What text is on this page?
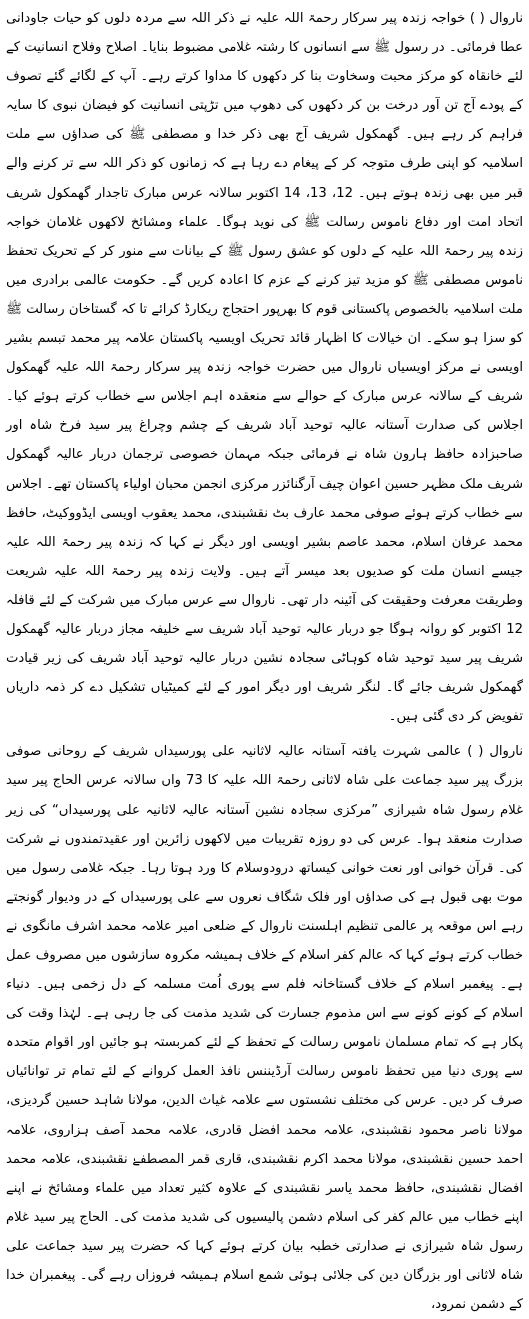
ناروال ( ) خواجہ زندہ پیر سرکار رحمۃ اللہ علیہ نے ذکر اللہ سے مردہ دلوں کو حیات جاودانی عطا فرمائی۔ در رسول ﷺ سے انسانوں کا رشتہ غلامی مضبوط بنایا۔ اصلاح وفلاح انسانیت کے لئے خانقاہ کو مرکز محبت وسخاوت بنا کر دکھوں کا مداوا کرتے رہے۔ آپ کے لگائے گئے تصوف کے پودے آج تن آور درخت بن کر دکھوں کی دھوپ میں تڑپتی انسانیت کو فیضان نبوی کا سایہ فراہم کر رہے ہیں۔ گھمکول شریف آج بھی ذکر خدا و مصطفی ﷺ کی صداؤں سے ملت اسلامیہ کو اپنی طرف متوجہ کر کے پیغام دے رہا ہے کہ زمانوں کو ذکر اللہ سے تر کرنے والے قبر میں بھی زندہ ہوتے ہیں۔ 12، 13، 14 اکتوبر سالانہ عرس مبارک تاجدار گھمکول شریف اتحاد امت اور دفاع ناموس رسالت ﷺ کی نوید ہوگا۔ علماء ومشائخ لاکھوں غلامان خواجہ زندہ پیر رحمۃ اللہ علیہ کے دلوں کو عشق رسول ﷺ کے بیانات سے منور کر کے تحریک تحفظ ناموس مصطفی ﷺ کو مزید تیز کرنے کے عزم کا اعادہ کریں گے۔ حکومت عالمی برادری میں ملت اسلامیہ بالخصوص پاکستانی قوم کا بھرپور احتجاج ریکارڈ کرائے تا کہ گستاخان رسالت ﷺ کو سزا ہو سکے۔ ان خیالات کا اظہار قائد تحریک اویسیہ پاکستان علامہ پیر محمد تبسم بشیر اویسی نے مرکز اویسیاں ناروال میں حضرت خواجہ زندہ پیر سرکار رحمۃ اللہ علیہ گھمکول شریف کے سالانہ عرس مبارک کے حوالے سے منعقدہ اہم اجلاس سے خطاب کرتے ہوئے کیا۔ اجلاس کی صدارت آستانہ عالیہ توحید آباد شریف کے چشم وچراغ پیر سید فرخ شاہ اور صاحبزادہ حافظ ہارون شاہ نے فرمائی جبکہ مہمان خصوصی ترجمان دربار عالیہ گھمکول شریف ملک مظہر حسین اعوان چیف آرگنائزر مرکزی انجمن محبان اولیاء پاکستان تھے۔ اجلاس سے خطاب کرتے ہوئے صوفی محمد عارف بٹ نقشبندی، محمد یعقوب اویسی ایڈووکیٹ، حافظ محمد عرفان اسلام، محمد عاصم بشیر اویسی اور دیگر نے کہا کہ زندہ پیر رحمۃ اللہ علیہ جیسے انسان ملت کو صدیوں بعد میسر آتے ہیں۔ ولایت زندہ پیر رحمۃ اللہ علیہ شریعت وطریقت معرفت وحقیقت کی آئینہ دار تھی۔ ناروال سے عرس مبارک میں شرکت کے لئے قافلہ 12 اکتوبر کو روانہ ہوگا جو دربار عالیہ توحید آباد شریف سے خلیفہ مجاز دربار عالیہ گھمکول شریف پیر سید توحید شاہ کوہاٹی سجادہ نشین دربار عالیہ توحید آباد شریف کی زیر قیادت گھمکول شریف جائے گا۔ لنگر شریف اور دیگر امور کے لئے کمیٹیاں تشکیل دے کر ذمہ داریاں تفویض کر دی گئی ہیں۔

ناروال ( ) عالمی شہرت یافتہ آستانہ عالیہ لاثانیہ علی پورسیداں شریف کے روحانی صوفی بزرگ پیر سید جماعت علی شاہ لاثانی رحمۃ اللہ علیہ کا 73 واں سالانہ عرس الحاج پیر سید غلام رسول شاہ شیرازی ”مرکزی سجادہ نشین آستانہ عالیہ لاثانیہ علی پورسیداں“ کی زیر صدارت منعقد ہوا۔ عرس کی دو روزہ تقریبات میں لاکھوں زائرین اور عقیدتمندوں نے شرکت کی۔ قرآن خوانی اور نعت خوانی کیساتھ درودوسلام کا ورد ہوتا رہا۔ جبکہ غلامی رسول میں موت بھی قبول ہے کی صداؤں اور فلک شگاف نعروں سے علی پورسیداں کے در ودیوار گونجتے رہے اس موقعہ پر عالمی تنظیم اہلسنت ناروال کے ضلعی امیر علامہ محمد اشرف مانگوی نے خطاب کرتے ہوئے کہا کہ عالم کفر اسلام کے خلاف ہمیشہ مکروہ سازشوں میں مصروف عمل ہے۔ پیغمبر اسلام کے خلاف گستاخانہ فلم سے پوری اُمت مسلمہ کے دل زخمی ہیں۔ دنیاء اسلام کے کونے کونے سے اس مذموم جسارت کی شدید مذمت کی جا رہی ہے۔ لہٰذا وقت کی پکار ہے کہ تمام مسلمان ناموس رسالت کے تحفظ کے لئے کمربستہ ہو جائیں اور اقوام متحدہ سے پوری دنیا میں تحفظ ناموس رسالت آرڈیننس نافذ العمل کروانے کے لئے تمام تر توانائیاں صرف کر دیں۔ عرس کی مختلف نشستوں سے علامہ غیاث الدین، مولانا شاہد حسین گردیزی، مولانا ناصر محمود نقشبندی، علامہ محمد افضل قادری، علامہ محمد آصف ہزاروی، علامہ احمد حسین نقشبندی، مولانا محمد اکرم نقشبندی، قاری قمر المصطفےٰ نقشبندی، علامہ محمد افضال نقشبندی، حافظ محمد یاسر نقشبندی کے علاوہ کثیر تعداد میں علماء ومشائخ نے اپنے اپنے خطاب میں عالم کفر کی اسلام دشمن پالیسیوں کی شدید مذمت کی۔ الحاج پیر سید غلام رسول شاہ شیرازی نے صدارتی خطبہ بیان کرتے ہوئے کہا کہ حضرت پیر سید جماعت علی شاہ لاثانی اور بزرگان دین کی جلائی ہوئی شمع اسلام ہمیشہ فروزاں رہے گی۔ پیغمبران خدا کے دشمن نمرود،
